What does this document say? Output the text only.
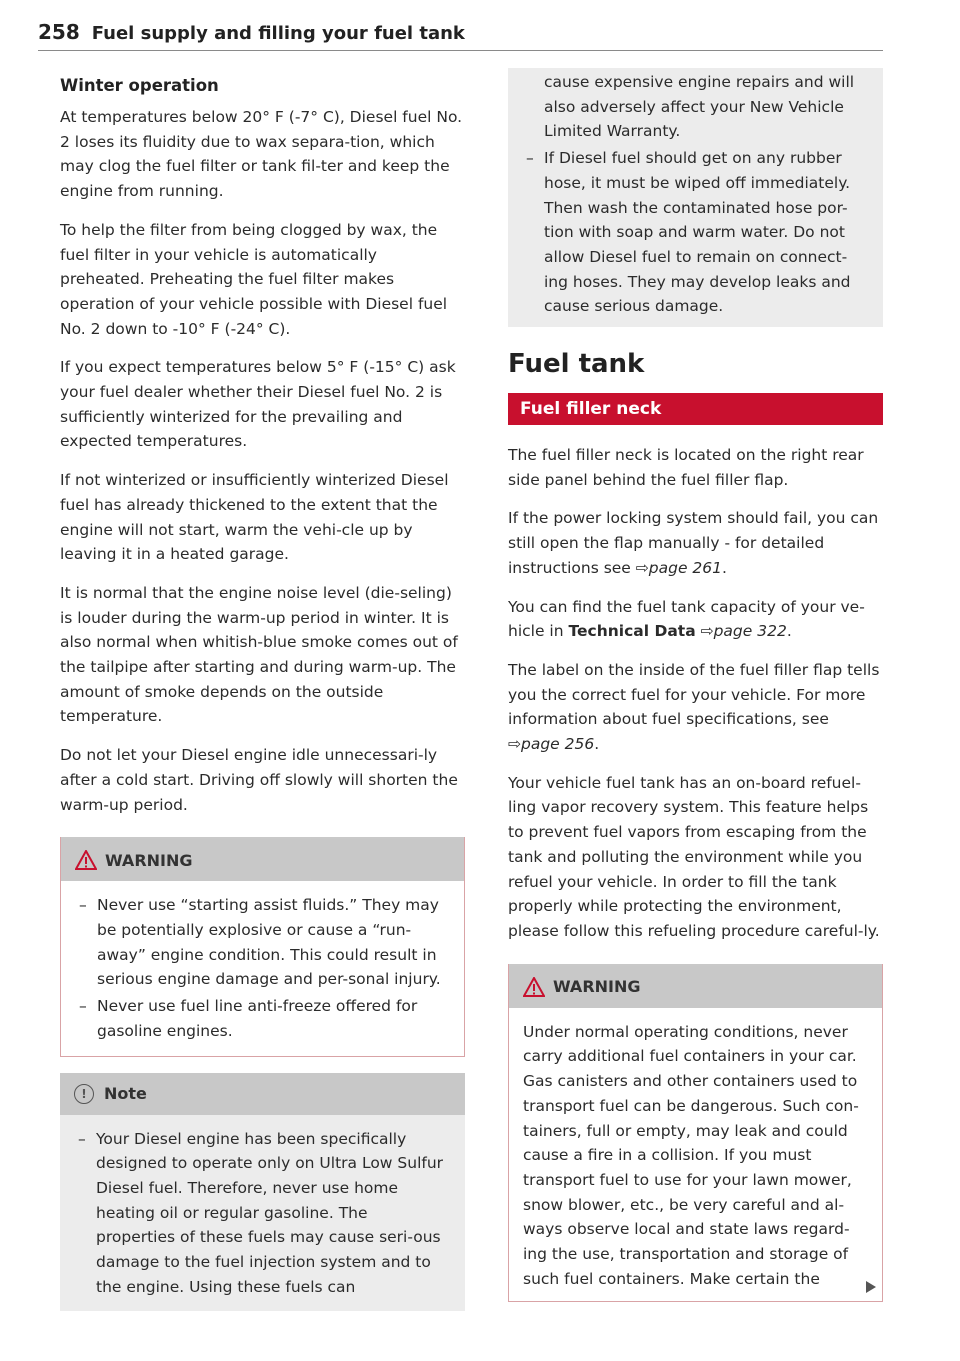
258 Fuel supply and filling your fuel tank
Winter operation

At temperatures below 20° F (-7° C), Diesel fuel No. 2 loses its fluidity due to wax separa-tion, which may clog the fuel filter or tank fil-ter and keep the engine from running.

To help the filter from being clogged by wax, the fuel filter in your vehicle is automatically preheated. Preheating the fuel filter makes operation of your vehicle possible with Diesel fuel No. 2 down to -10° F (-24° C).

If you expect temperatures below 5° F (-15° C) ask your fuel dealer whether their Diesel fuel No. 2 is sufficiently winterized for the prevailing and expected temperatures.

If not winterized or insufficiently winterized Diesel fuel has already thickened to the extent that the engine will not start, warm the vehi-cle up by leaving it in a heated garage.

It is normal that the engine noise level (die-seling) is louder during the warm-up period in winter. It is also normal when whitish-blue smoke comes out of the tailpipe after starting and during warm-up. The amount of smoke depends on the outside temperature.

Do not let your Diesel engine idle unnecessari-ly after a cold start. Driving off slowly will shorten the warm-up period.

WARNING
– Never use “starting assist fluids.” They may be potentially explosive or cause a “run-away” engine condition. This could result in serious engine damage and per-sonal injury.
– Never use fuel line anti-freeze offered for gasoline engines.
!	Note
– Your Diesel engine has been specifically designed to operate only on Ultra Low Sulfur Diesel fuel. Therefore, never use home heating oil or regular gasoline. The properties of these fuels may cause seri-ous damage to the fuel injection system and to the engine. Using these fuels can
cause expensive engine repairs and will also adversely affect your New Vehicle Limited Warranty.
– If Diesel fuel should get on any rubber hose, it must be wiped off immediately. Then wash the contaminated hose por-tion with soap and warm water. Do not allow Diesel fuel to remain on connect-ing hoses. They may develop leaks and cause serious damage.
Fuel tank
Fuel filler neck

The fuel filler neck is located on the right rear side panel behind the fuel filler flap.

If the power locking system should fail, you can still open the flap manually - for detailed instructions see ⇨page 261.

You can find the fuel tank capacity of your ve-hicle in Technical Data ⇨page 322.

The label on the inside of the fuel filler flap tells you the correct fuel for your vehicle. For more information about fuel specifications, see ⇨page 256.

Your vehicle fuel tank has an on-board refuel-ling vapor recovery system. This feature helps to prevent fuel vapors from escaping from the tank and polluting the environment while you refuel your vehicle. In order to fill the tank properly while protecting the environment, please follow this refueling procedure careful-ly.

WARNING

Under normal operating conditions, never carry additional fuel containers in your car. Gas canisters and other containers used to transport fuel can be dangerous. Such con-tainers, full or empty, may leak and could cause a fire in a collision. If you must transport fuel to use for your lawn mower, snow blower, etc., be very careful and al-ways observe local and state laws regard-ing the use, transportation and storage of such fuel containers. Make certain the
